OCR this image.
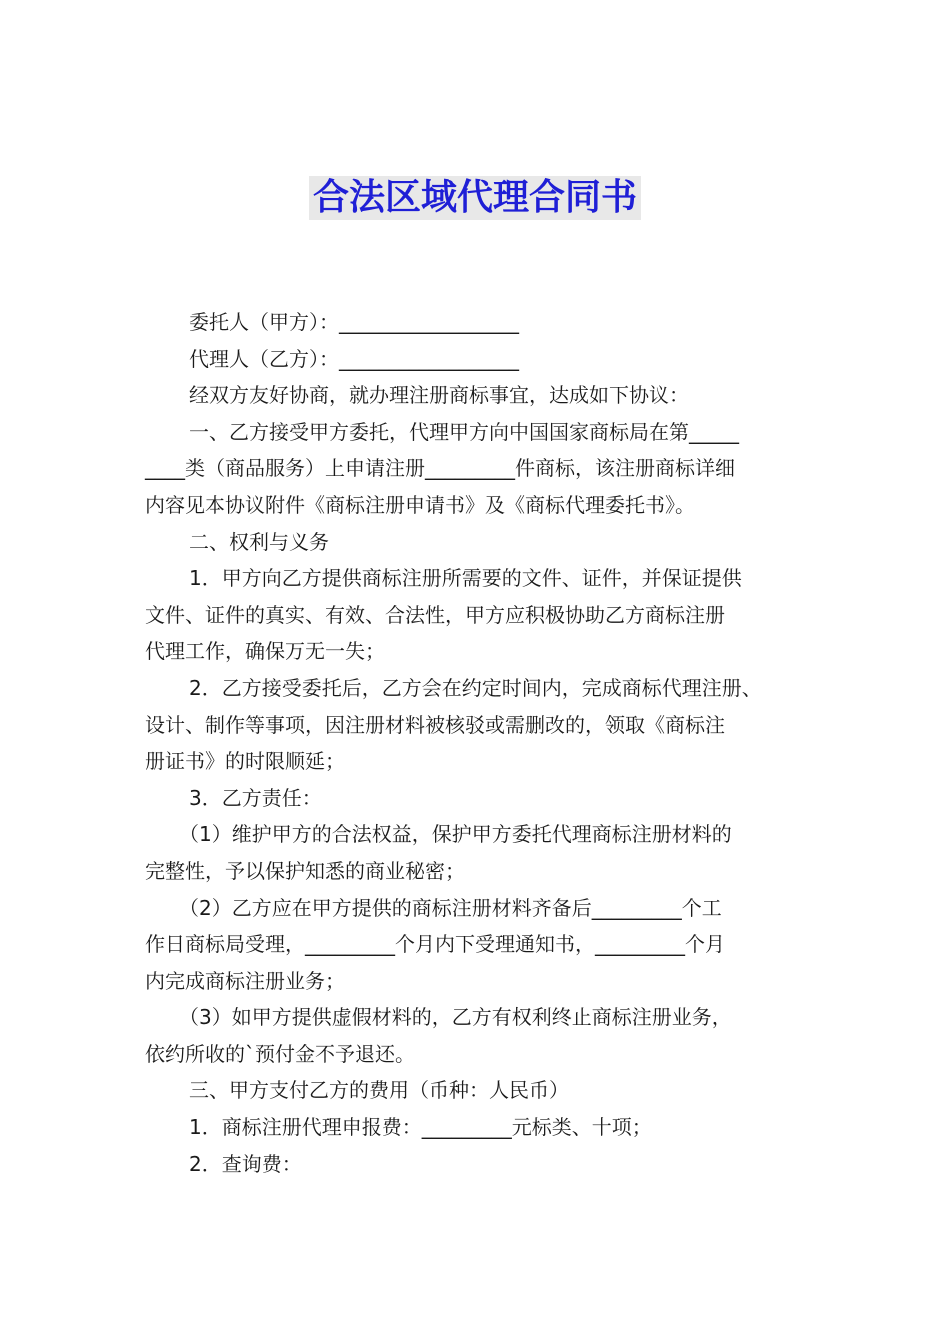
合法区域代理合同书
委托人（甲方）：__________________
代理人（乙方）：__________________
经双方友好协商，就办理注册商标事宜，达成如下协议：
一、乙方接受甲方委托，代理甲方向中国国家商标局在第_____
____类（商品服务）上申请注册_________件商标，该注册商标详细
内容见本协议附件《商标注册申请书》及《商标代理委托书》。
二、权利与义务
1．甲方向乙方提供商标注册所需要的文件、证件，并保证提供
文件、证件的真实、有效、合法性，甲方应积极协助乙方商标注册
代理工作，确保万无一失；
2．乙方接受委托后，乙方会在约定时间内，完成商标代理注册、
设计、制作等事项，因注册材料被核驳或需删改的，领取《商标注
册证书》的时限顺延；
3．乙方责任：
（1）维护甲方的合法权益，保护甲方委托代理商标注册材料的
完整性，予以保护知悉的商业秘密；
（2）乙方应在甲方提供的商标注册材料齐备后_________个工
作日商标局受理，_________个月内下受理通知书，_________个月
内完成商标注册业务；
（3）如甲方提供虚假材料的，乙方有权利终止商标注册业务，
依约所收的`预付金不予退还。
三、甲方支付乙方的费用（币种：人民币）
1．商标注册代理申报费：_________元标类、十项；
2．查询费：
